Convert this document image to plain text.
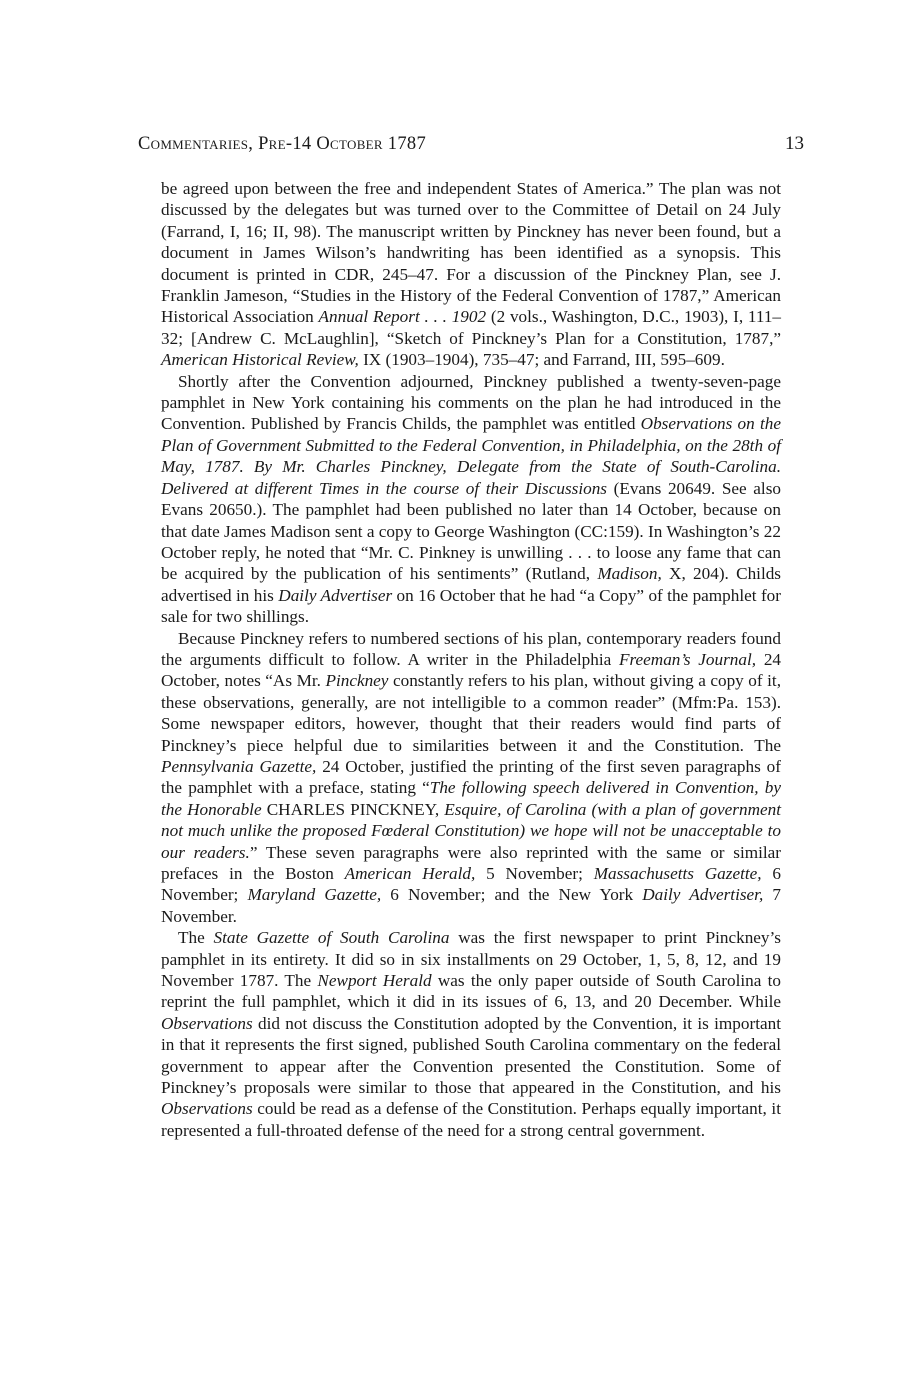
Commentaries, Pre-14 October 1787	13

be agreed upon between the free and independent States of America.” The plan was not discussed by the delegates but was turned over to the Committee of Detail on 24 July (Farrand, I, 16; II, 98). The manuscript written by Pinckney has never been found, but a document in James Wilson’s handwriting has been identified as a synopsis. This document is printed in CDR, 245–47. For a discussion of the Pinckney Plan, see J. Franklin Jameson, “Studies in the History of the Federal Convention of 1787,” American Historical Association Annual Report . . . 1902 (2 vols., Washington, D.C., 1903), I, 111–32; [Andrew C. McLaughlin], “Sketch of Pinckney’s Plan for a Constitution, 1787,” American Historical Review, IX (1903–1904), 735–47; and Farrand, III, 595–609.

Shortly after the Convention adjourned, Pinckney published a twenty-seven-page pamphlet in New York containing his comments on the plan he had introduced in the Convention. Published by Francis Childs, the pamphlet was entitled Observations on the Plan of Government Submitted to the Federal Convention, in Philadelphia, on the 28th of May, 1787. By Mr. Charles Pinckney, Delegate from the State of South-Carolina. Delivered at different Times in the course of their Discussions (Evans 20649. See also Evans 20650.). The pamphlet had been published no later than 14 October, because on that date James Madison sent a copy to George Washington (CC:159). In Washington’s 22 October reply, he noted that “Mr. C. Pinkney is unwilling . . . to loose any fame that can be acquired by the publication of his sentiments” (Rutland, Madison, X, 204). Childs advertised in his Daily Advertiser on 16 October that he had “a Copy” of the pamphlet for sale for two shillings.

Because Pinckney refers to numbered sections of his plan, contemporary readers found the arguments difficult to follow. A writer in the Philadelphia Freeman’s Journal, 24 October, notes “As Mr. Pinckney constantly refers to his plan, without giving a copy of it, these observations, generally, are not intelligible to a common reader” (Mfm:Pa. 153). Some newspaper editors, however, thought that their readers would find parts of Pinckney’s piece helpful due to similarities between it and the Constitution. The Pennsylvania Gazette, 24 October, justified the printing of the first seven paragraphs of the pamphlet with a preface, stating “The following speech delivered in Convention, by the Honorable CHARLES PINCKNEY, Esquire, of Carolina (with a plan of government not much unlike the proposed Fœderal Constitution) we hope will not be unacceptable to our readers.” These seven paragraphs were also reprinted with the same or similar prefaces in the Boston American Herald, 5 November; Massachusetts Gazette, 6 November; Maryland Gazette, 6 November; and the New York Daily Advertiser, 7 November.

The State Gazette of South Carolina was the first newspaper to print Pinckney’s pamphlet in its entirety. It did so in six installments on 29 October, 1, 5, 8, 12, and 19 November 1787. The Newport Herald was the only paper outside of South Carolina to reprint the full pamphlet, which it did in its issues of 6, 13, and 20 December. While Observations did not discuss the Constitution adopted by the Convention, it is important in that it represents the first signed, published South Carolina commentary on the federal government to appear after the Convention presented the Constitution. Some of Pinckney’s proposals were similar to those that appeared in the Constitution, and his Observations could be read as a defense of the Constitution. Perhaps equally important, it represented a full-throated defense of the need for a strong central government.
